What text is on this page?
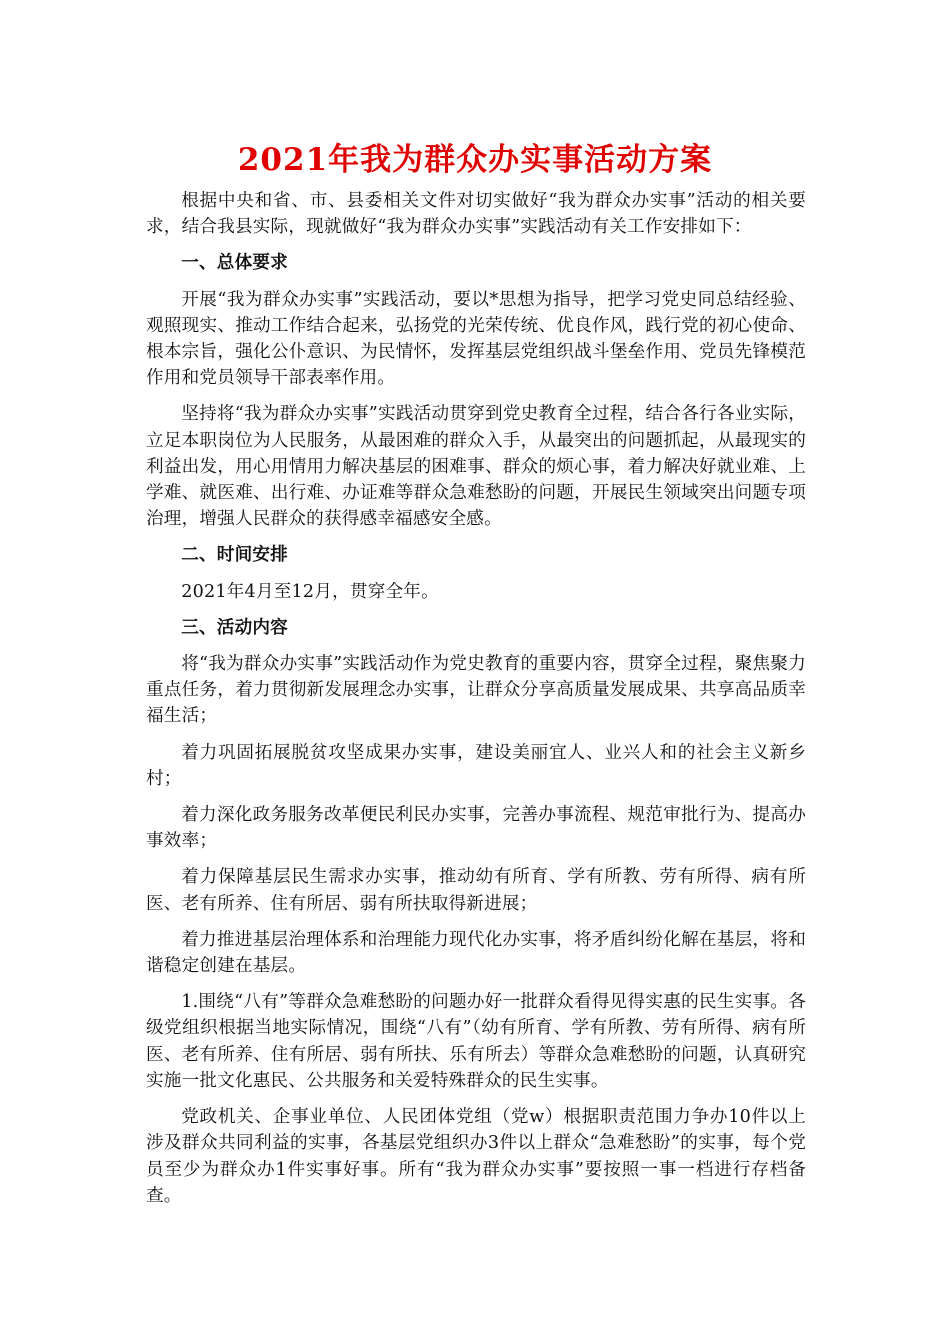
2021年我为群众办实事活动方案

根据中央和省、市、县委相关文件对切实做好“我为群众办实事”活动的相关要求，结合我县实际，现就做好“我为群众办实事”实践活动有关工作安排如下：

一、总体要求

开展“我为群众办实事”实践活动，要以*思想为指导，把学习党史同总结经验、观照现实、推动工作结合起来，弘扬党的光荣传统、优良作风，践行党的初心使命、根本宗旨，强化公仆意识、为民情怀，发挥基层党组织战斗堡垒作用、党员先锋模范作用和党员领导干部表率作用。

坚持将“我为群众办实事”实践活动贯穿到党史教育全过程，结合各行各业实际，立足本职岗位为人民服务，从最困难的群众入手，从最突出的问题抓起，从最现实的利益出发，用心用情用力解决基层的困难事、群众的烦心事，着力解决好就业难、上学难、就医难、出行难、办证难等群众急难愁盼的问题，开展民生领域突出问题专项治理，增强人民群众的获得感幸福感安全感。

二、时间安排

2021年4月至12月，贯穿全年。

三、活动内容

将“我为群众办实事”实践活动作为党史教育的重要内容，贯穿全过程，聚焦聚力重点任务，着力贯彻新发展理念办实事，让群众分享高质量发展成果、共享高品质幸福生活；

着力巩固拓展脱贫攻坚成果办实事，建设美丽宜人、业兴人和的社会主义新乡村；

着力深化政务服务改革便民利民办实事，完善办事流程、规范审批行为、提高办事效率；

着力保障基层民生需求办实事，推动幼有所育、学有所教、劳有所得、病有所医、老有所养、住有所居、弱有所扶取得新进展；

着力推进基层治理体系和治理能力现代化办实事，将矛盾纠纷化解在基层，将和谐稳定创建在基层。

1.围绕“八有”等群众急难愁盼的问题办好一批群众看得见得实惠的民生实事。各级党组织根据当地实际情况，围绕“八有”（幼有所育、学有所教、劳有所得、病有所医、老有所养、住有所居、弱有所扶、乐有所去）等群众急难愁盼的问题，认真研究实施一批文化惠民、公共服务和关爱特殊群众的民生实事。

党政机关、企事业单位、人民团体党组（党w）根据职责范围力争办10件以上涉及群众共同利益的实事，各基层党组织办3件以上群众“急难愁盼”的实事，每个党员至少为群众办1件实事好事。所有“我为群众办实事”要按照一事一档进行存档备查。
